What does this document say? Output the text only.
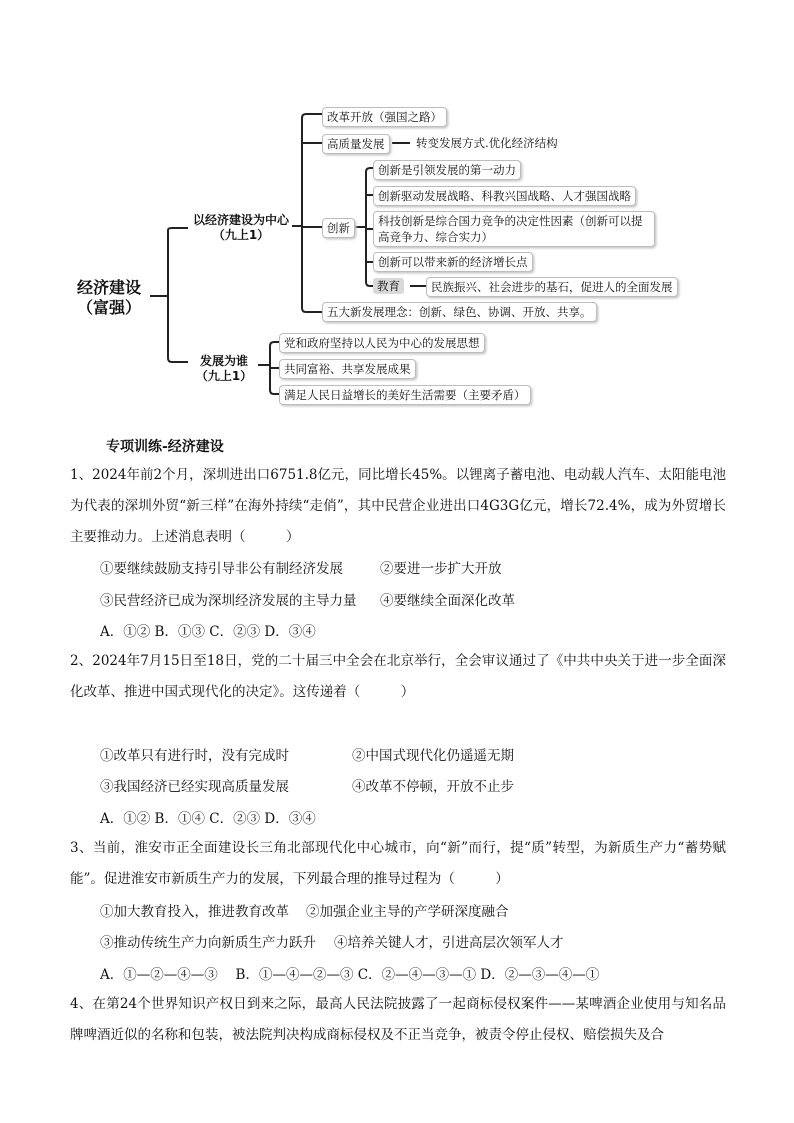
经济建设
（富强）
以经济建设为中心
（九上1）
改革开放（强国之路）
高质量发展	转变发展方式.优化经济结构
创新
五大新发展理念：创新、绿色、协调、开放、共享。
创新是引领发展的第一动力
创新驱动发展战略、科教兴国战略、人才强国战略
科技创新是综合国力竞争的决定性因素（创新可以提高竞争力、综合实力）
创新可以带来新的经济增长点
教育	民族振兴、社会进步的基石，促进人的全面发展
发展为谁
（九上1）
党和政府坚持以人民为中心的发展思想
共同富裕、共享发展成果
满足人民日益增长的美好生活需要（主要矛盾）
专项训练-经济建设
1、2024年前2个月，深圳进出口6751.8亿元，同比增长45%。以锂离子蓄电池、电动载人汽车、太阳能电池为代表的深圳外贸“新三样”在海外持续“走俏”，其中民营企业进出口4G3G亿元，增长72.4%，成为外贸增长主要推动力。上述消息表明（　　　）
①要继续鼓励支持引导非公有制经济发展	②要进一步扩大开放
③民营经济已成为深圳经济发展的主导力量 ④要继续全面深化改革
A．①② B．①③ C．②③ D．③④
2、2024年7月15日至18日，党的二十届三中全会在北京举行，全会审议通过了《中共中央关于进一步全面深化改革、推进中国式现代化的决定》。这传递着（　　　）
①改革只有进行时，没有完成时	②中国式现代化仍遥遥无期
③我国经济已经实现高质量发展	④改革不停顿，开放不止步
A．①② B．①④ C．②③ D．③④
3、当前，淮安市正全面建设长三角北部现代化中心城市，向“新”而行，提“质”转型，为新质生产力“蓄势赋能”。促进淮安市新质生产力的发展，下列最合理的推导过程为（　　　）
①加大教育投入，推进教育改革 ②加强企业主导的产学研深度融合
③推动传统生产力向新质生产力跃升 ④培养关键人才，引进高层次领军人才
A．①—②—④—③　 B．①—④—②—③ C．②—④—③—① D．②—③—④—①
4、在第24个世界知识产权日到来之际，最高人民法院披露了一起商标侵权案件——某啤酒企业使用与知名品牌啤酒近似的名称和包装，被法院判决构成商标侵权及不正当竞争，被责令停止侵权、赔偿损失及合
